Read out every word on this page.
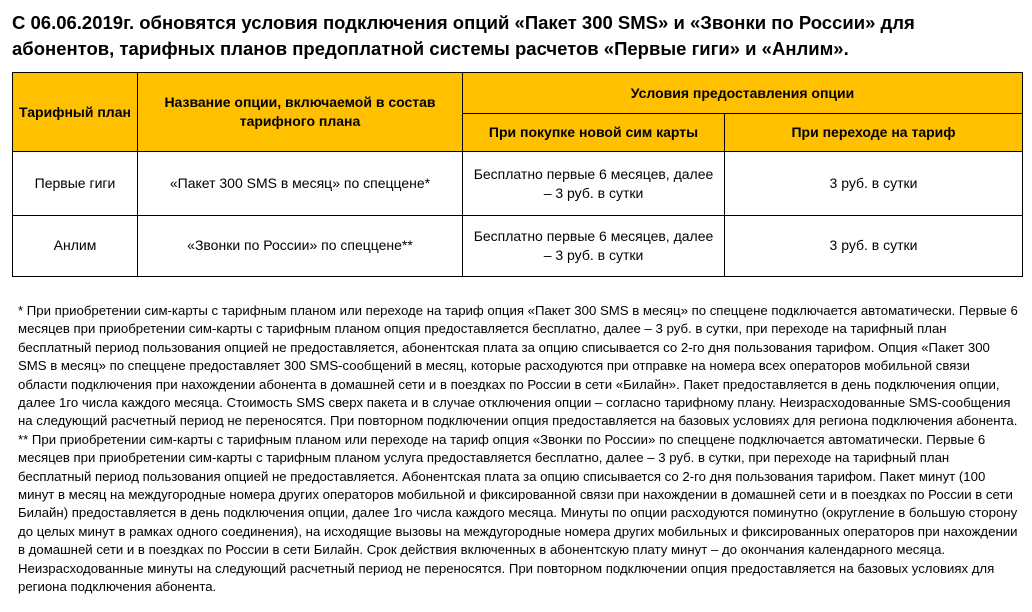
С 06.06.2019г. обновятся условия подключения опций «Пакет 300 SMS» и «Звонки по России» для абонентов, тарифных планов предоплатной системы расчетов «Первые гиги» и «Анлим».
Тарифный план	Название опции, включаемой в состав тарифного плана	Условия предоставления опции	
		При покупке новой сим карты	При переходе на тариф
Первые гиги	«Пакет 300 SMS в месяц» по спеццене*	Бесплатно первые 6 месяцев, далее – 3 руб. в сутки	3 руб. в сутки
Анлим	«Звонки по России» по спеццене**	Бесплатно первые 6 месяцев, далее – 3 руб. в сутки	3 руб. в сутки

* При приобретении сим-карты с тарифным планом или переходе на тариф опция «Пакет 300 SMS в месяц» по спеццене подключается автоматически. Первые 6 месяцев при приобретении сим-карты с тарифным планом опция предоставляется бесплатно, далее – 3 руб. в сутки, при переходе на тарифный план бесплатный период пользования опцией не предоставляется, абонентская плата за опцию списывается со 2-го дня пользования тарифом. Опция «Пакет 300 SMS в месяц» по спеццене предоставляет 300 SMS-сообщений в месяц, которые расходуются при отправке на номера всех операторов мобильной связи области подключения при нахождении абонента в домашней сети и в поездках по России в сети «Билайн». Пакет предоставляется в день подключения опции, далее 1го числа каждого месяца. Стоимость SMS сверх пакета и в случае отключения опции – согласно тарифному плану. Неизрасходованные SMS-сообщения на следующий расчетный период не переносятся. При повторном подключении опция предоставляется на базовых условиях для региона подключения абонента.

** При приобретении сим-карты с тарифным планом или переходе на тариф опция «Звонки по России» по спеццене подключается автоматически. Первые 6 месяцев при приобретении сим-карты с тарифным планом услуга предоставляется бесплатно, далее – 3 руб. в сутки, при переходе на тарифный план бесплатный период пользования опцией не предоставляется. Абонентская плата за опцию списывается со 2-го дня пользования тарифом. Пакет минут (100 минут в месяц на междугородные номера других операторов мобильной и фиксированной связи при нахождении в домашней сети и в поездках по России в сети Билайн) предоставляется в день подключения опции, далее 1го числа каждого месяца. Минуты по опции расходуются поминутно (округление в большую сторону до целых минут в рамках одного соединения), на исходящие вызовы на междугородные номера других мобильных и фиксированных операторов при нахождении в домашней сети и в поездках по России в сети Билайн. Срок действия включенных в абонентскую плату минут – до окончания календарного месяца. Неизрасходованные минуты на следующий расчетный период не переносятся. При повторном подключении опция предоставляется на базовых условиях для региона подключения абонента.
